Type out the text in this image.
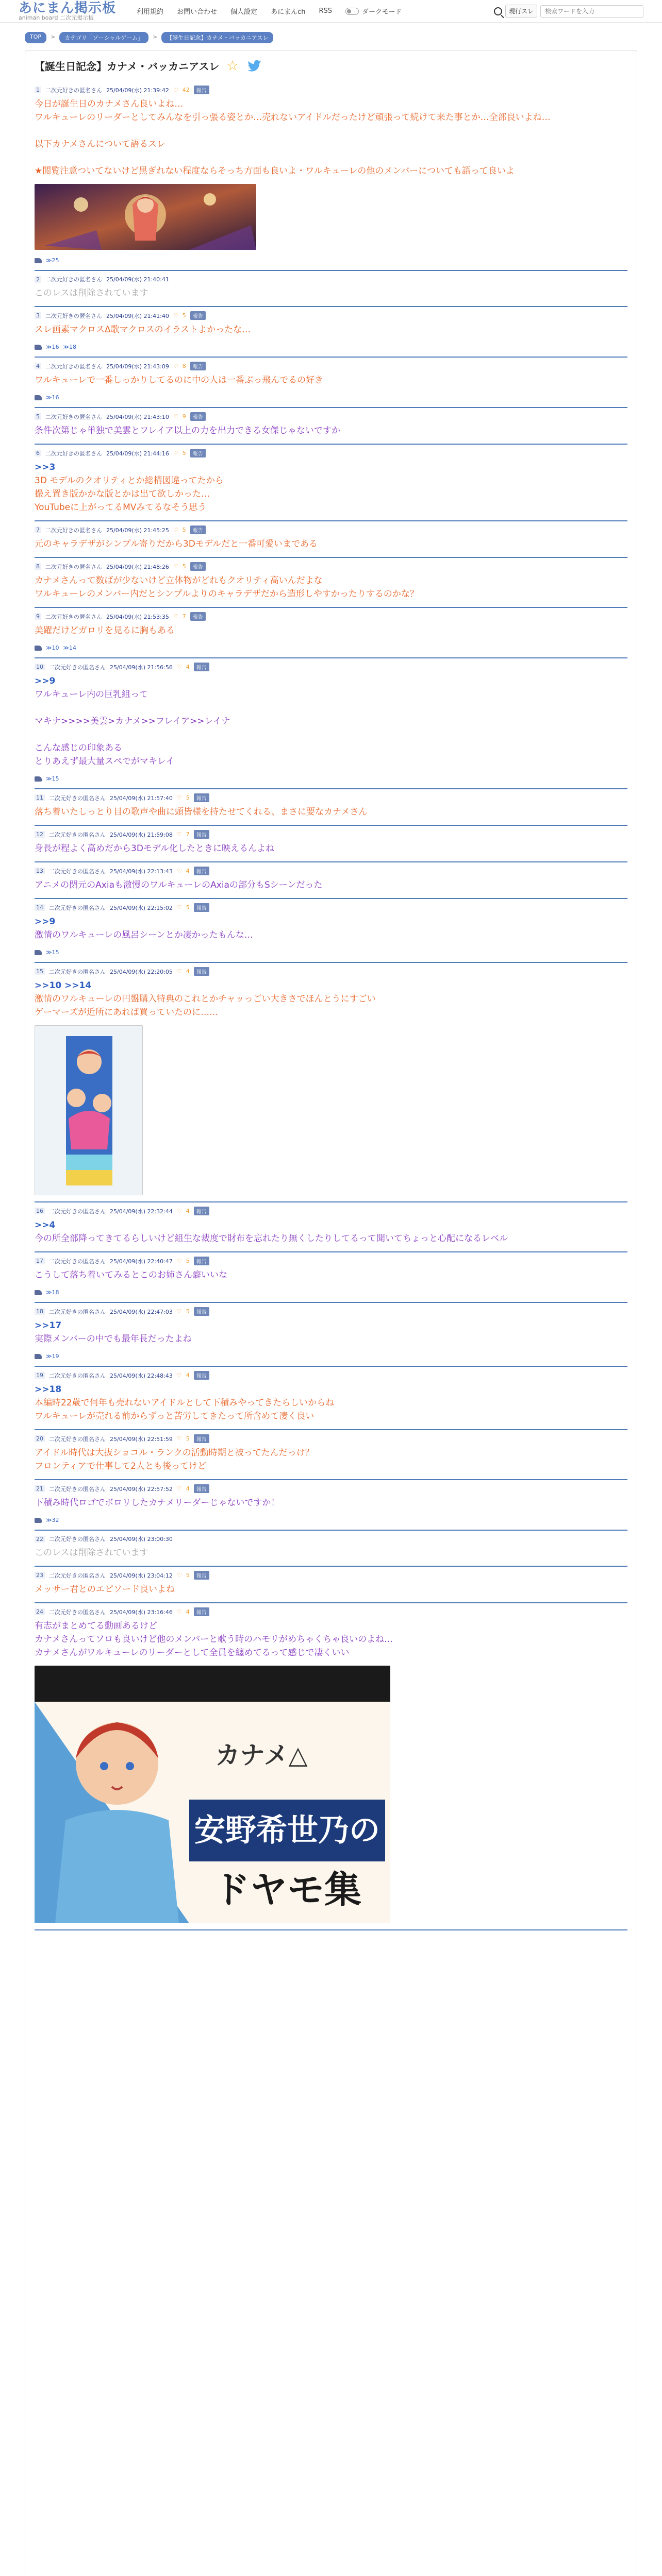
あにまん掲示板
animan board 二次元掲示板
利用規約 お問い合わせ 個人設定 あにまんch RSS	ダークモード	現行スレ
検索ワードを入力
TOP	>	カテゴリ「ソーシャルゲーム」	>	【誕生日記念】カナメ・バッカニアスレ
【誕生日記念】カナメ・バッカニアスレ ☆
1 二次元好きの匿名さん 25/04/09(水) 21:39:42 ♡ 42	報告
今日が誕生日のカナメさん良いよね…
ワルキューレのリーダーとしてみんなを引っ張る姿とか…売れないアイドルだったけど頑張って続けて来た事とか…全部良いよね…
以下カナメさんについて語るスレ
★閲覧注意ついてないけど黒ぎれない程度ならそっち方面も良いよ・ワルキューレの他のメンバーについても語って良いよ
≫25
2 二次元好きの匿名さん 25/04/09(水) 21:40:41
このレスは削除されています
3 二次元好きの匿名さん 25/04/09(水) 21:41:40 ♡ 5	報告
スレ画素マクロスΔ歌マクロスのイラストよかったな…
≫16 ≫18
4 二次元好きの匿名さん 25/04/09(水) 21:43:09 ♡ 8	報告
ワルキューレで一番しっかりしてるのに中の人は一番ぶっ飛んでるの好き
≫16
5 二次元好きの匿名さん 25/04/09(水) 21:43:10 ♡ 9	報告
条件次第じゃ単独で美雲とフレイア以上の力を出力できる女傑じゃないですか
6 二次元好きの匿名さん 25/04/09(水) 21:44:16 ♡ 5	報告
>>3
3D モデルのクオリティとか総構図違ってたから
撮え置き版かかな版とかは出て欲しかった…
YouTubeに上がってるMVみてるなそう思う
7 二次元好きの匿名さん 25/04/09(水) 21:45:25 ♡ 5	報告
元のキャラデザがシンプル寄りだから3Dモデルだと一番可愛いまである
8 二次元好きの匿名さん 25/04/09(水) 21:48:26 ♡ 5	報告
カナメさんって数ばが少ないけど立体物がどれもクオリティ高いんだよな
ワルキューレのメンバー内だとシンプルよりのキャラデザだから造形しやすかったりするのかな？
9 二次元好きの匿名さん 25/04/09(水) 21:53:35 ♡ 7	報告
美躍だけどガロリを見るに胸もある
≫10 ≫14
10 二次元好きの匿名さん 25/04/09(水) 21:56:56 ♡ 4	報告
>>9
ワルキューレ内の巨乳組って
マキナ>>>>美雲>カナメ>>フレイア>>レイナ
こんな感じの印象ある
とりあえず最大量スペでがマキレイ
≫15
11 二次元好きの匿名さん 25/04/09(水) 21:57:40 ♡ 5	報告
落ち着いたしっとり目の歌声や曲に頭皆様を持たせてくれる、まさに要なカナメさん
12 二次元好きの匿名さん 25/04/09(水) 21:59:08 ♡ 7	報告
身長が程よく高めだから3Dモデル化したときに映えるんよね
13 二次元好きの匿名さん 25/04/09(水) 22:13:43 ♡ 4	報告
アニメの閉元のAxiaも激慢のワルキューレのAxiaの部分もSシーンだった
14 二次元好きの匿名さん 25/04/09(水) 22:15:02 ♡ 5	報告
>>9
激情のワルキューレの風呂シーンとか凄かったもんな…
≫15
15 二次元好きの匿名さん 25/04/09(水) 22:20:05 ♡ 4	報告
>>10 >>14
激情のワルキューレの円盤購入特典のこれとかチャッっごい大きさでほんとうにすごい
ゲーマーズが近所にあれば買っていたのに……
16 二次元好きの匿名さん 25/04/09(水) 22:32:44 ♡ 4	報告
>>4
今の所全部降ってきてるらしいけど組生な裁度で財布を忘れたり無くしたりしてるって聞いてちょっと心配になるレベル
17 二次元好きの匿名さん 25/04/09(水) 22:40:47 ♡ 5	報告
こうして落ち着いてみるとこのお姉さん癖いいな
≫18
18 二次元好きの匿名さん 25/04/09(水) 22:47:03 ♡ 5	報告
>>17
実際メンバーの中でも最年長だったよね
≫19
19 二次元好きの匿名さん 25/04/09(水) 22:48:43 ♡ 4	報告
>>18
本編時22歳で何年も売れないアイドルとして下積みやってきたらしいからね
ワルキューレが売れる前からずっと苦労してきたって所含めて凄く良い
20 二次元好きの匿名さん 25/04/09(水) 22:51:59 ♡ 5	報告
アイドル時代は大抜ショコル・ランクの活動時期と被ってたんだっけ？
フロンティアで仕事して2人とも後ってけど
21 二次元好きの匿名さん 25/04/09(水) 22:57:52 ♡ 4	報告
下積み時代ロゴでボロリしたカナメリーダーじゃないですか！
≫32
22 二次元好きの匿名さん 25/04/09(水) 23:00:30
このレスは削除されています
23 二次元好きの匿名さん 25/04/09(水) 23:04:12 ♡ 5	報告
メッサー君とのエピソード良いよね
24 二次元好きの匿名さん 25/04/09(水) 23:16:46 ♡ 4	報告
有志がまとめてる動画あるけど
カナメさんってソロも良いけど他のメンバーと歌う時のハモリがめちゃくちゃ良いのよね…
カナメさんがワルキューレのリーダーとして全員を纏めてるって感じで凄くいい
カナメ△
安野希世乃の
ドヤモ集
